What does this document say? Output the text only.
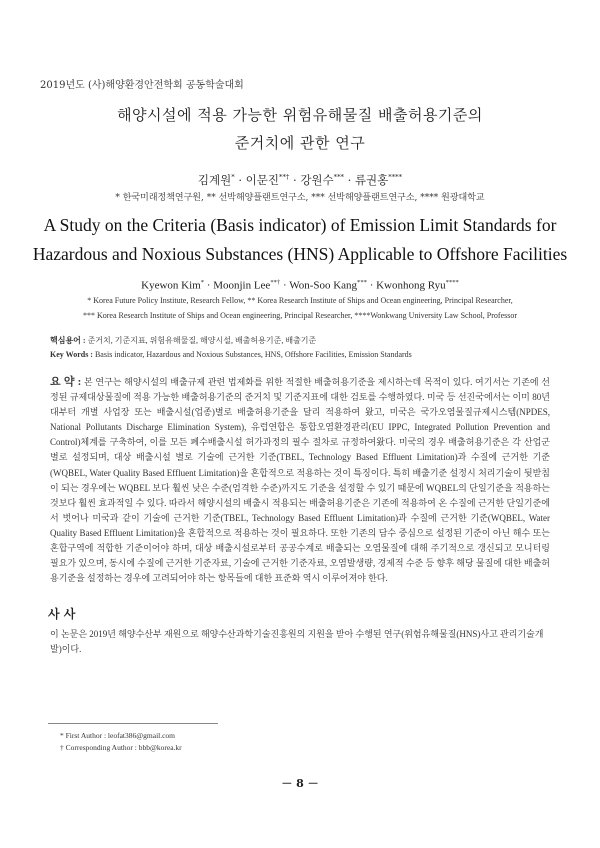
2019년도 (사)해양환경안전학회 공동학술대회
해양시설에 적용 가능한 위험유해물질 배출허용기준의
준거치에 관한 연구
김계원* · 이문진**† · 강원수*** · 류권홍****
* 한국미래정책연구원, ** 선박해양플랜트연구소, *** 선박해양플랜트연구소, **** 원광대학교
A Study on the Criteria (Basis indicator) of Emission Limit Standards for
Hazardous and Noxious Substances (HNS) Applicable to Offshore Facilities
Kyewon Kim* · Moonjin Lee**† · Won-Soo Kang*** · Kwonhong Ryu****
* Korea Future Policy Institute, Research Fellow, ** Korea Research Institute of Ships and Ocean engineering, Principal Researcher,
*** Korea Research Institute of Ships and Ocean engineering, Principal Researcher, ****Wonkwang University Law School, Professor
핵심용어 : 준거치, 기준지표, 위험유해물질, 해양시설, 배출허용기준, 배출기준
Key Words : Basis indicator, Hazardous and Noxious Substances, HNS, Offshore Facilities, Emission Standards
요 약 : 본 연구는 해양시설의 배출규제 관련 법제화를 위한 적절한 배출허용기준을 제시하는데 목적이 있다. 여기서는 기존에 선정된 규제대상물질에 적용 가능한 배출허용기준의 준거치 및 기준지표에 대한 검토를 수행하였다. 미국 등 선진국에서는 이미 80년대부터 개별 사업장 또는 배출시설(업종)별로 배출허용기준을 달리 적용하여 왔고, 미국은 국가오염물질규제시스템(NPDES, National Pollutants Discharge Elimination System), 유럽연합은 통합오염환경관리(EU IPPC, Integrated Pollution Prevention and Control)체계를 구축하여, 이를 모든 폐수배출시설 허가과정의 필수 절차로 규정하여왔다. 미국의 경우 배출허용기준은 각 산업군 별로 설정되며, 대상 배출시설 별로 기술에 근거한 기준(TBEL, Technology Based Effluent Limitation)과 수질에 근거한 기준(WQBEL, Water Quality Based Effluent Limitation)을 혼합적으로 적용하는 것이 특징이다. 특히 배출기준 설정시 처리기술이 뒷받침이 되는 경우에는 WQBEL 보다 훨씬 낮은 수준(엄격한 수준)까지도 기준을 설정할 수 있기 때문에 WQBEL의 단일기준을 적용하는 것보다 훨씬 효과적일 수 있다. 따라서 해양시설의 배출시 적용되는 배출허용기준은 기존에 적용하여 온 수질에 근거한 단일기준에서 벗어나 미국과 같이 기술에 근거한 기준(TBEL, Technology Based Effluent Limitation)과 수질에 근거한 기준(WQBEL, Water Quality Based Effluent Limitation)을 혼합적으로 적용하는 것이 필요하다. 또한 기존의 담수 중심으로 설정된 기준이 아닌 해수 또는 혼합구역에 적합한 기준이어야 하며, 대상 배출시설로부터 공공수계로 배출되는 오염물질에 대해 주기적으로 갱신되고 모니터링 필요가 있으며, 동시에 수질에 근거한 기준자료, 기술에 근거한 기준자료, 오염발생량, 경제적 수준 등 향후 해당 물질에 대한 배출허용기준을 설정하는 경우에 고려되어야 하는 항목들에 대한 표준화 역시 이루어져야 한다.
사 사
이 논문은 2019년 해양수산부 재원으로 해양수산과학기술진흥원의 지원을 받아 수행된 연구(위험유해물질(HNS)사고 관리기술개발)이다.
* First Author : leofat386@gmail.com
† Corresponding Author : bbb@korea.kr
－ 8 －
